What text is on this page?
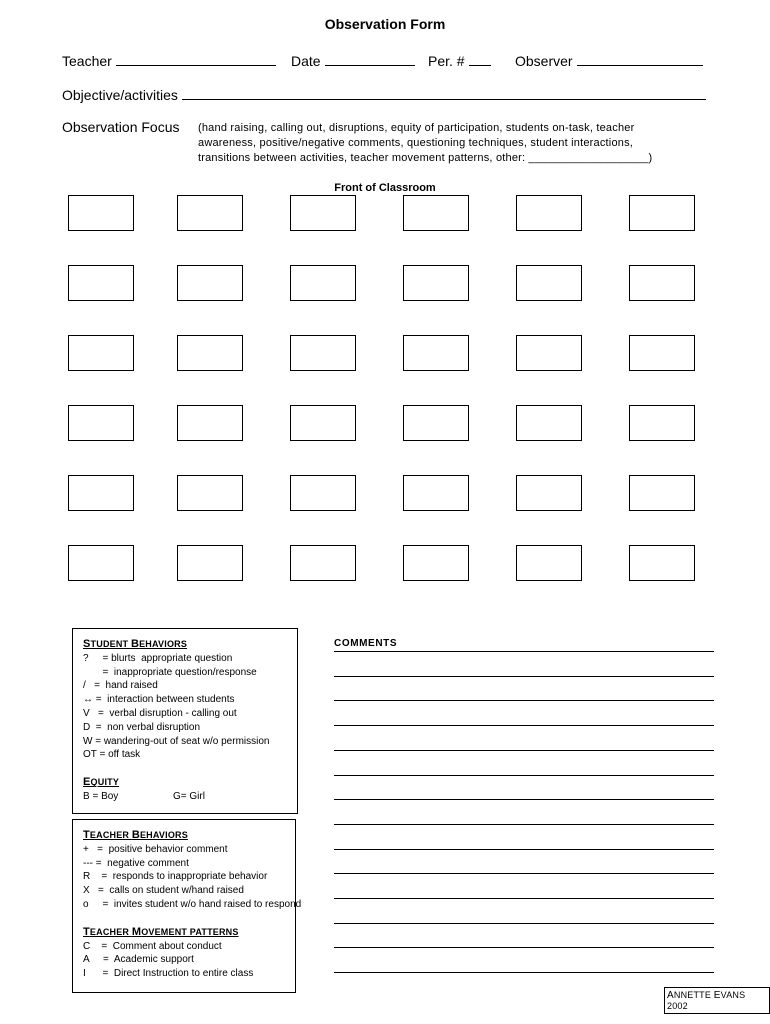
Observation Form
Teacher	Date	Per. #	Observer
Objective/activities
Observation Focus (hand raising, calling out, disruptions, equity of participation, students on-task, teacher
awareness, positive/negative comments, questioning techniques, student interactions,
transitions between activities, teacher movement patterns, other: ___________________)
Front of Classroom
STUDENT BEHAVIORS
?     = blurts  appropriate question
=  inappropriate question/response
/   =  hand raised
↔ =  interaction between students
V   =  verbal disruption - calling out
D  =  non verbal disruption
W = wandering-out of seat w/o permission
OT = off task
EQUITY
B = Boy	G= Girl
TEACHER BEHAVIORS
+   =  positive behavior comment
--- =  negative comment
R    =  responds to inappropriate behavior
X   =  calls on student w/hand raised
o     =  invites student w/o hand raised to respond
TEACHER MOVEMENT PATTERNS
C    =  Comment about conduct
A     =  Academic support
I      =  Direct Instruction to entire class
COMMENTS
ANNETTE EVANS 2002
